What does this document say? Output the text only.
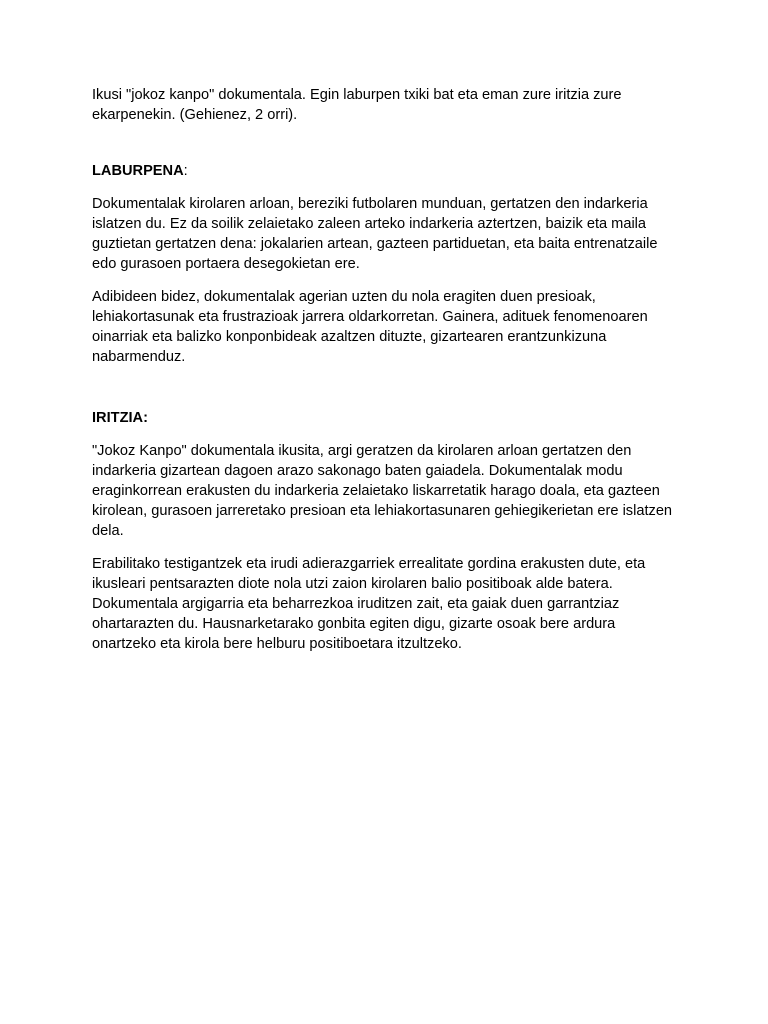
Ikusi "jokoz kanpo" dokumentala. Egin laburpen txiki bat eta eman zure iritzia zure ekarpenekin. (Gehienez, 2 orri).

LABURPENA:

Dokumentalak kirolaren arloan, bereziki futbolaren munduan, gertatzen den indarkeria islatzen du. Ez da soilik zelaietako zaleen arteko indarkeria aztertzen, baizik eta maila guztietan gertatzen dena: jokalarien artean, gazteen partiduetan, eta baita entrenatzaile edo gurasoen portaera desegokietan ere.

Adibideen bidez, dokumentalak agerian uzten du nola eragiten duen presioak, lehiakortasunak eta frustrazioak jarrera oldarkorretan. Gainera, adituek fenomenoaren oinarriak eta balizko konponbideak azaltzen dituzte, gizartearen erantzunkizuna nabarmenduz.

IRITZIA:

"Jokoz Kanpo" dokumentala ikusita, argi geratzen da kirolaren arloan gertatzen den indarkeria gizartean dagoen arazo sakonago baten gaiadela. Dokumentalak modu eraginkorrean erakusten du indarkeria zelaietako liskarretatik harago doala, eta gazteen kirolean, gurasoen jarreretako presioan eta lehiakortasunaren gehiegikerietan ere islatzen dela.

Erabilitako testigantzek eta irudi adierazgarriek errealitate gordina erakusten dute, eta ikusleari pentsarazten diote nola utzi zaion kirolaren balio positiboak alde batera. Dokumentala argigarria eta beharrezkoa iruditzen zait, eta gaiak duen garrantziaz ohartarazten du. Hausnarketarako gonbita egiten digu, gizarte osoak bere ardura onartzeko eta kirola bere helburu positiboetara itzultzeko.
